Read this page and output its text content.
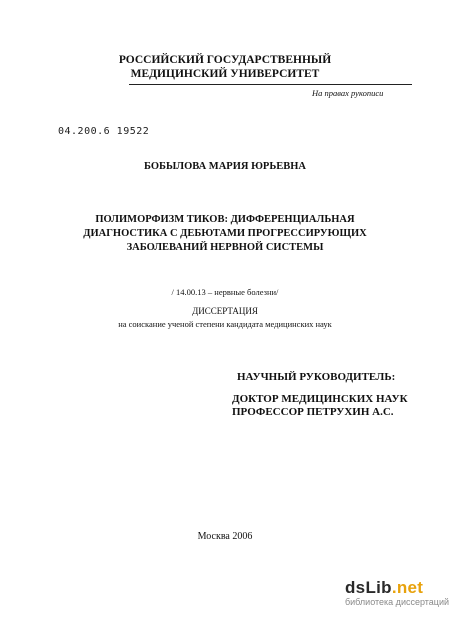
РОССИЙСКИЙ ГОСУДАРСТВЕННЫЙ
МЕДИЦИНСКИЙ УНИВЕРСИТЕТ
На правах рукописи
04.200.6 19522
БОБЫЛОВА МАРИЯ ЮРЬЕВНА
ПОЛИМОРФИЗМ ТИКОВ: ДИФФЕРЕНЦИАЛЬНАЯ
ДИАГНОСТИКА С ДЕБЮТАМИ ПРОГРЕССИРУЮЩИХ
ЗАБОЛЕВАНИЙ НЕРВНОЙ СИСТЕМЫ
/ 14.00.13 – нервные болезни/
ДИССЕРТАЦИЯ
на соискание ученой степени кандидата медицинских наук
НАУЧНЫЙ РУКОВОДИТЕЛЬ:
ДОКТОР МЕДИЦИНСКИХ НАУК
ПРОФЕССОР ПЕТРУХИН А.С.
Москва 2006
dsLib.net
библиотека диссертаций
